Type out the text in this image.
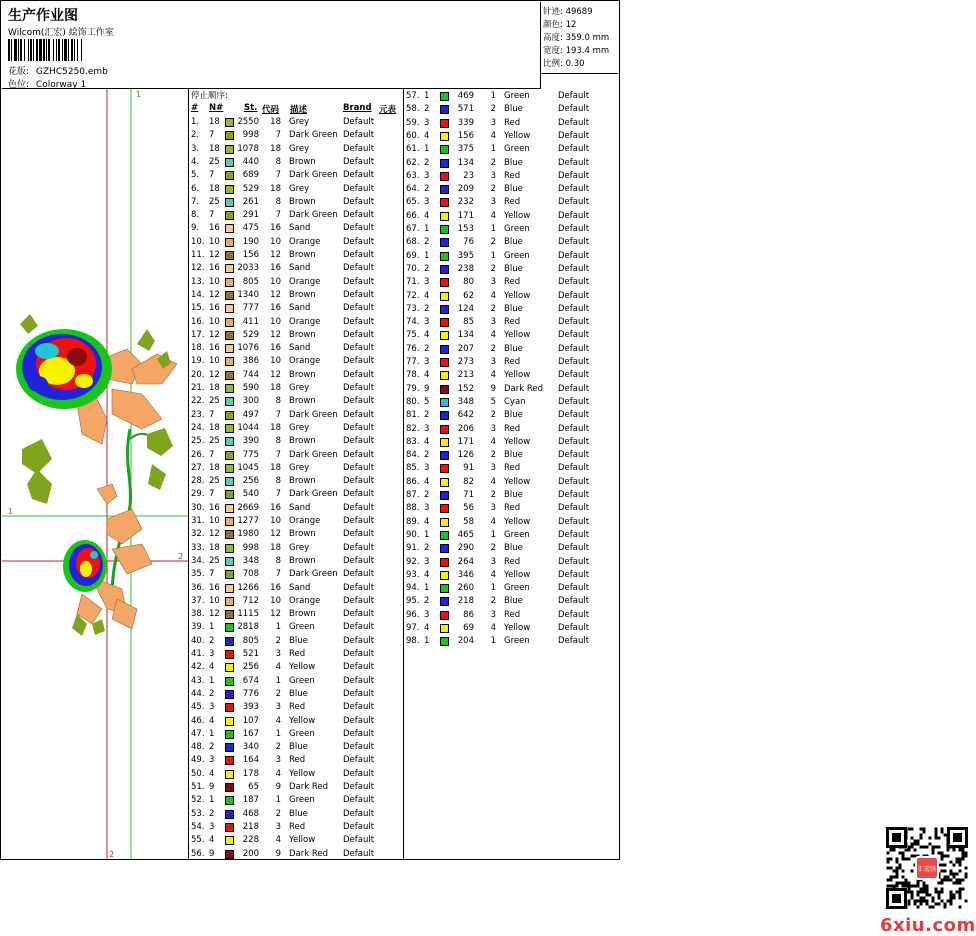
生产作业图
Wilcom(汇宏) 絵饰工作室
花版: GZHC5250.emb
色位: Colorway 1
针迹: 49689
颜色: 12
高度: 359.0 mm
宽度: 193.4 mm
比例: 0.30
1
1
2
2
停止顺序:
# N# St. 代码 描述	Brand 元表
1. 18	2550	18 Grey	Default
2. 7	998	7 Dark Green Default
3. 18	1078	18 Grey	Default
4. 25	440	8 Brown	Default
5. 7	689	7 Dark Green Default
6. 18	529	18 Grey	Default
7. 25	261	8 Brown	Default
8. 7	291	7 Dark Green Default
9. 16	475	16 Sand	Default
10. 10	190	10 Orange	Default
11. 12	156	12 Brown	Default
12. 16	2033	16 Sand	Default
13. 10	805	10 Orange	Default
14. 12	1340	12 Brown	Default
15. 16	777	16 Sand	Default
16. 10	411	10 Orange	Default
17. 12	529	12 Brown	Default
18. 16	1076	16 Sand	Default
19. 10	386	10 Orange	Default
20. 12	744	12 Brown	Default
21. 18	590	18 Grey	Default
22. 25	300	8 Brown	Default
23. 7	497	7 Dark Green Default
24. 18	1044	18 Grey	Default
25. 25	390	8 Brown	Default
26. 7	775	7 Dark Green Default
27. 18	1045	18 Grey	Default
28. 25	256	8 Brown	Default
29. 7	540	7 Dark Green Default
30. 16	2669	16 Sand	Default
31. 10	1277	10 Orange	Default
32. 12	1980	12 Brown	Default
33. 18	998	18 Grey	Default
34. 25	348	8 Brown	Default
35. 7	708	7 Dark Green Default
36. 16	1266	16 Sand	Default
37. 10	712	10 Orange	Default
38. 12	1115	12 Brown	Default
39. 1	2818	1 Green	Default
40. 2	805	2 Blue	Default
41. 3	521	3 Red	Default
42. 4	256	4 Yellow	Default
43. 1	674	1 Green	Default
44. 2	776	2 Blue	Default
45. 3	393	3 Red	Default
46. 4	107	4 Yellow	Default
47. 1	167	1 Green	Default
48. 2	340	2 Blue	Default
49. 3	164	3 Red	Default
50. 4	178	4 Yellow	Default
51. 9	65	9 Dark Red Default
52. 1	187	1 Green	Default
53. 2	468	2 Blue	Default
54. 3	218	3 Red	Default
55. 4	228	4 Yellow	Default
56. 9	200	9 Dark Red Default
汇宏绣
6xiu.com
57. 1	469	1 Green	Default
58. 2	571	2 Blue	Default
59. 3	339	3 Red	Default
60. 4	156	4 Yellow	Default
61. 1	375	1 Green	Default
62. 2	134	2 Blue	Default
63. 3	23	3 Red	Default
64. 2	209	2 Blue	Default
65. 3	232	3 Red	Default
66. 4	171	4 Yellow	Default
67. 1	153	1 Green	Default
68. 2	76	2 Blue	Default
69. 1	395	1 Green	Default
70. 2	238	2 Blue	Default
71. 3	80	3 Red	Default
72. 4	62	4 Yellow	Default
73. 2	124	2 Blue	Default
74. 3	85	3 Red	Default
75. 4	134	4 Yellow	Default
76. 2	207	2 Blue	Default
77. 3	273	3 Red	Default
78. 4	213	4 Yellow	Default
79. 9	152	9 Dark Red Default
80. 5	348	5 Cyan	Default
81. 2	642	2 Blue	Default
82. 3	206	3 Red	Default
83. 4	171	4 Yellow	Default
84. 2	126	2 Blue	Default
85. 3	91	3 Red	Default
86. 4	82	4 Yellow	Default
87. 2	71	2 Blue	Default
88. 3	56	3 Red	Default
89. 4	58	4 Yellow	Default
90. 1	465	1 Green	Default
91. 2	290	2 Blue	Default
92. 3	264	3 Red	Default
93. 4	346	4 Yellow	Default
94. 1	260	1 Green	Default
95. 2	218	2 Blue	Default
96. 3	86	3 Red	Default
97. 4	69	4 Yellow	Default
98. 1	204	1 Green	Default
